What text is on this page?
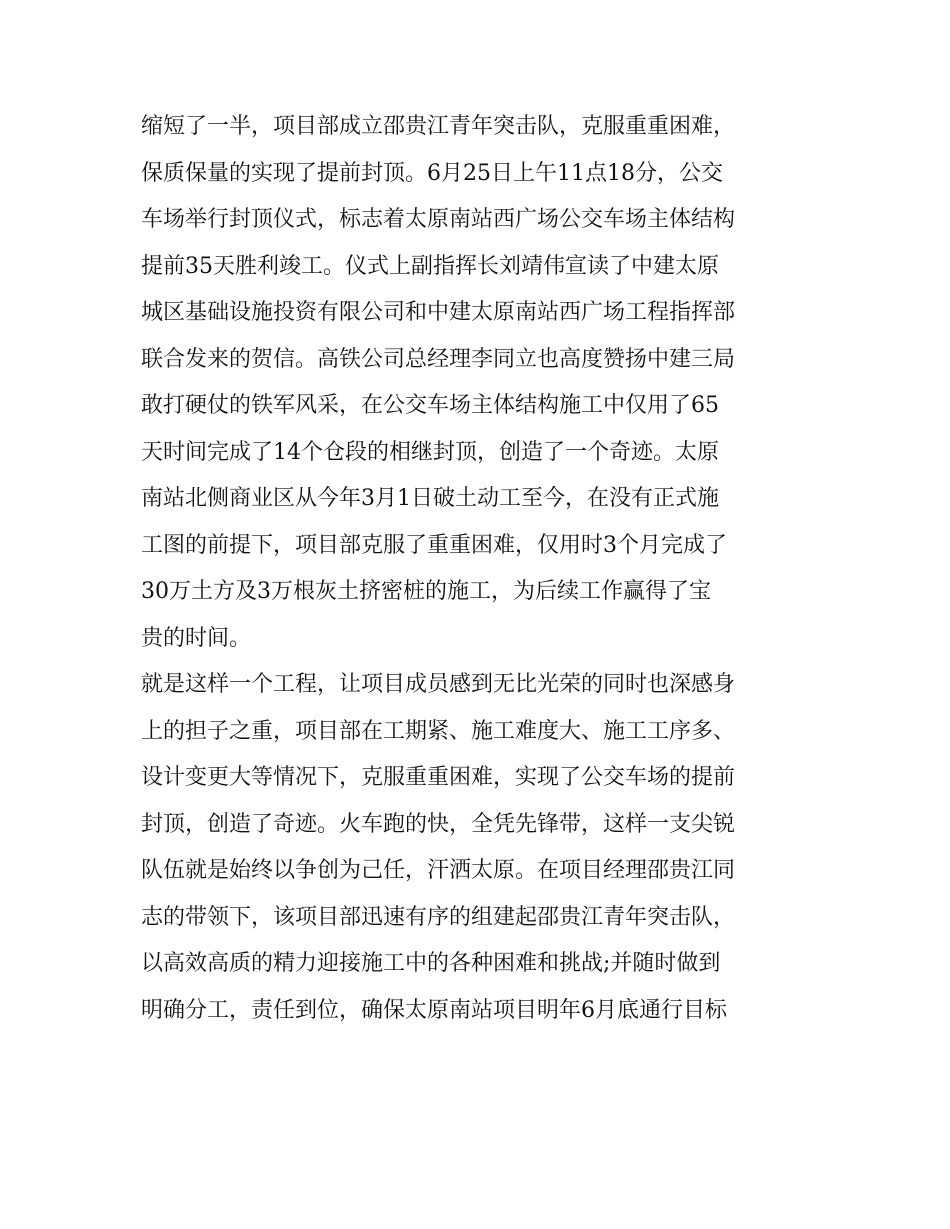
缩短了一半，项目部成立邵贵江青年突击队，克服重重困难，
保质保量的实现了提前封顶。6月25日上午11点18分，公交
车场举行封顶仪式，标志着太原南站西广场公交车场主体结构
提前35天胜利竣工。仪式上副指挥长刘靖伟宣读了中建太原
城区基础设施投资有限公司和中建太原南站西广场工程指挥部
联合发来的贺信。高铁公司总经理李同立也高度赞扬中建三局
敢打硬仗的铁军风采，在公交车场主体结构施工中仅用了65
天时间完成了14个仓段的相继封顶，创造了一个奇迹。太原
南站北侧商业区从今年3月1日破土动工至今，在没有正式施
工图的前提下，项目部克服了重重困难，仅用时3个月完成了
30万土方及3万根灰土挤密桩的施工，为后续工作赢得了宝
贵的时间。
就是这样一个工程，让项目成员感到无比光荣的同时也深感身
上的担子之重，项目部在工期紧、施工难度大、施工工序多、
设计变更大等情况下，克服重重困难，实现了公交车场的提前
封顶，创造了奇迹。火车跑的快，全凭先锋带，这样一支尖锐
队伍就是始终以争创为己任，汗洒太原。在项目经理邵贵江同
志的带领下，该项目部迅速有序的组建起邵贵江青年突击队，
以高效高质的精力迎接施工中的各种困难和挑战;并随时做到
明确分工，责任到位，确保太原南站项目明年6月底通行目标
